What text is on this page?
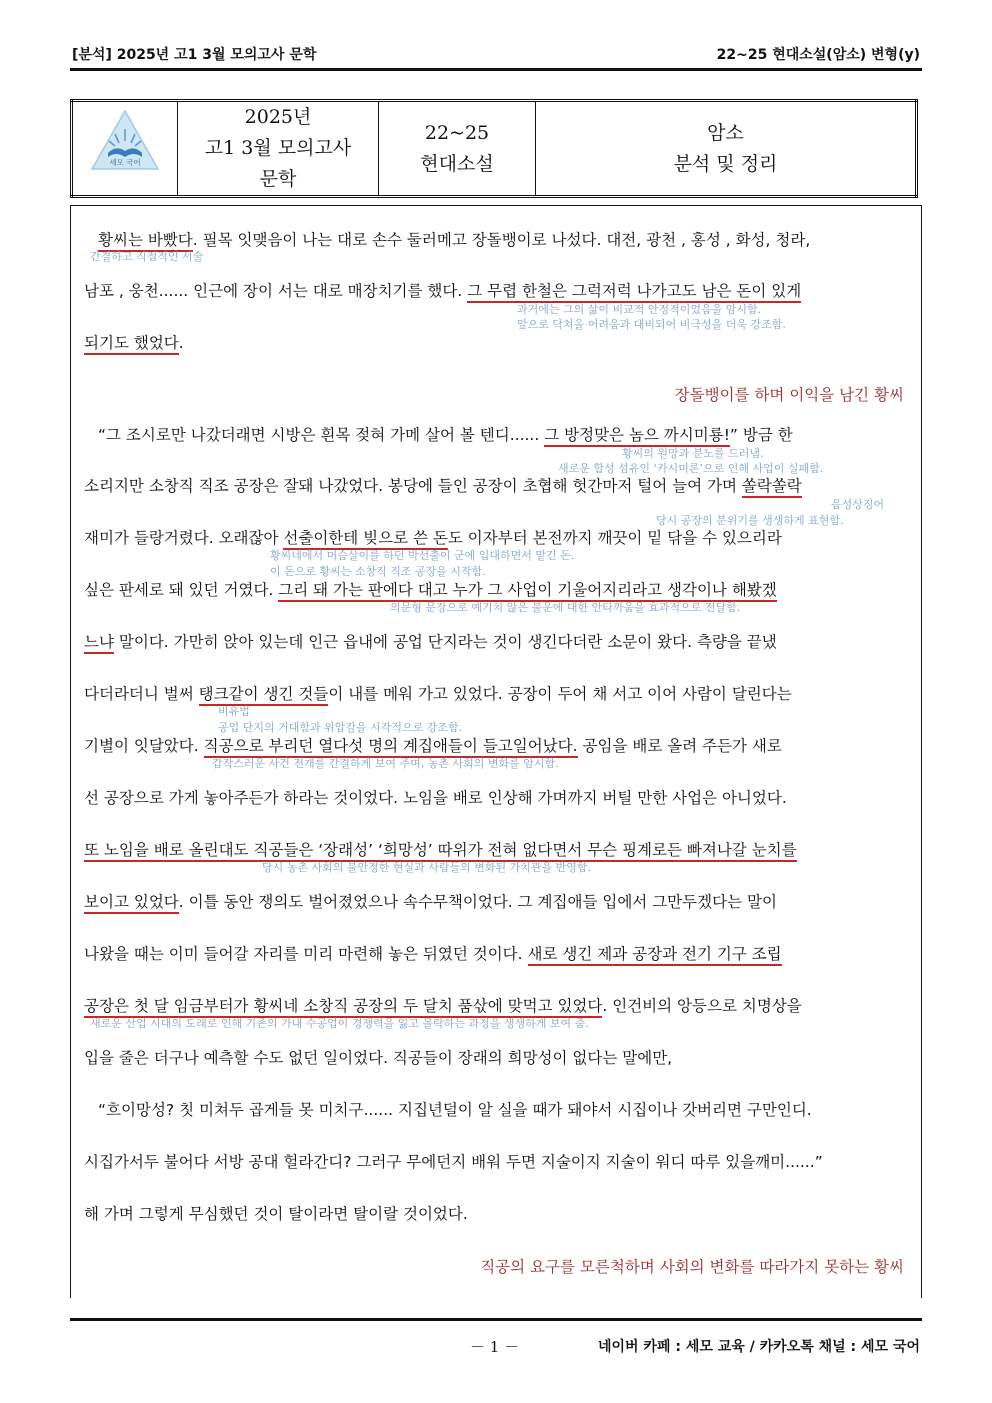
[분석] 2025년 고1 3월 모의고사 문학	22~25 현대소설(암소) 변형(y)
세모 국어

2025년
고1 3월 모의고사
문학

22~25
현대소설

암소
분석 및 정리
황씨는 바빴다. 필목 잇맺음이 나는 대로 손수 둘러메고 장돌뱅이로 나섰다. 대전, 광천 , 홍성 , 화성, 청라,
간결하고 직접적인 서술
남포 , 웅천...... 인근에 장이 서는 대로 매장치기를 했다. 그 무렵 한철은 그럭저럭 나가고도 남은 돈이 있게
과거에는 그의 삶이 비교적 안정적이었음을 암시함.
앞으로 닥쳐올 어려움과 대비되어 비극성을 더욱 강조함.
되기도 했었다.
장돌뱅이를 하며 이익을 남긴 황씨
“그 조시로만 나갔더래면 시방은 흰목 젖혀 가메 살어 볼 텐디...... 그 방정맞은 놈으 까시미룡!” 방금 한
황씨의 원망과 분노를 드러냄.
새로운 합성 섬유인 ‘카시미론’으로 인해 사업이 실패함.
소리지만 소창직 직조 공장은 잘돼 나갔었다. 봉당에 들인 공장이 초협해 헛간마저 털어 늘여 가며 쏠락쏠락
음성상징어
당시 공장의 분위기를 생생하게 표현함.
재미가 들랑거렸다. 오래잖아 선출이한테 빚으로 쓴 돈도 이자부터 본전까지 깨끗이 밑 닦을 수 있으리라
황씨네에서 머슴살이를 하던 박선출이 군에 입대하면서 맡긴 돈.
이 돈으로 황씨는 소창직 직조 공장을 시작함.
싶은 판세로 돼 있던 거였다. 그리 돼 가는 판에다 대고 누가 그 사업이 기울어지리라고 생각이나 해봤겠
의문형 문장으로 예기치 않은 불운에 대한 안타까움을 효과적으로 전달함.
느냐 말이다. 가만히 앉아 있는데 인근 읍내에 공업 단지라는 것이 생긴다더란 소문이 왔다. 측량을 끝냈
다더라더니 벌써 탱크같이 생긴 것들이 내를 메워 가고 있었다. 공장이 두어 채 서고 이어 사람이 달린다는
비유법
공업 단지의 거대함과 위압감을 시각적으로 강조함.
기별이 잇달았다. 직공으로 부리던 열다섯 명의 계집애들이 들고일어났다. 공임을 배로 올려 주든가 새로
갑작스러운 사건 전개를 간결하게 보여 주며, 농촌 사회의 변화를 암시함.
선 공장으로 가게 놓아주든가 하라는 것이었다. 노임을 배로 인상해 가며까지 버틸 만한 사업은 아니었다.
또 노임을 배로 올린대도 직공들은 ‘장래성’ ‘희망성’ 따위가 전혀 없다면서 무슨 핑계로든 빠져나갈 눈치를
당시 농촌 사회의 불안정한 현실과 사람들의 변화된 가치관을 반영함.
보이고 있었다. 이틀 동안 쟁의도 벌어졌었으나 속수무책이었다. 그 계집애들 입에서 그만두겠다는 말이
나왔을 때는 이미 들어갈 자리를 미리 마련해 놓은 뒤였던 것이다. 새로 생긴 제과 공장과 전기 기구 조립
공장은 첫 달 임금부터가 황씨네 소창직 공장의 두 달치 품삯에 맞먹고 있었다. 인건비의 앙등으로 치명상을
새로운 산업 시대의 도래로 인해 기존의 가내 수공업이 경쟁력을 잃고 몰락하는 과정을 생생하게 보여 줌.
입을 줄은 더구나 예측할 수도 없던 일이었다. 직공들이 장래의 희망성이 없다는 말에만,
“흐이망성? 칫 미쳐두 곱게들 못 미치구...... 지집년덜이 알 실을 때가 돼야서 시집이나 갓버리면 구만인디.
시집가서두 불어다 서방 공대 헐라간디? 그러구 무에던지 배워 두면 지술이지 지술이 워디 따루 있을깨미......”
해 가며 그렇게 무심했던 것이 탈이라면 탈이랄 것이었다.
직공의 요구를 모른척하며 사회의 변화를 따라가지 못하는 황씨
－ 1 －	네이버 카페 : 세모 교육 / 카카오톡 채널 : 세모 국어
